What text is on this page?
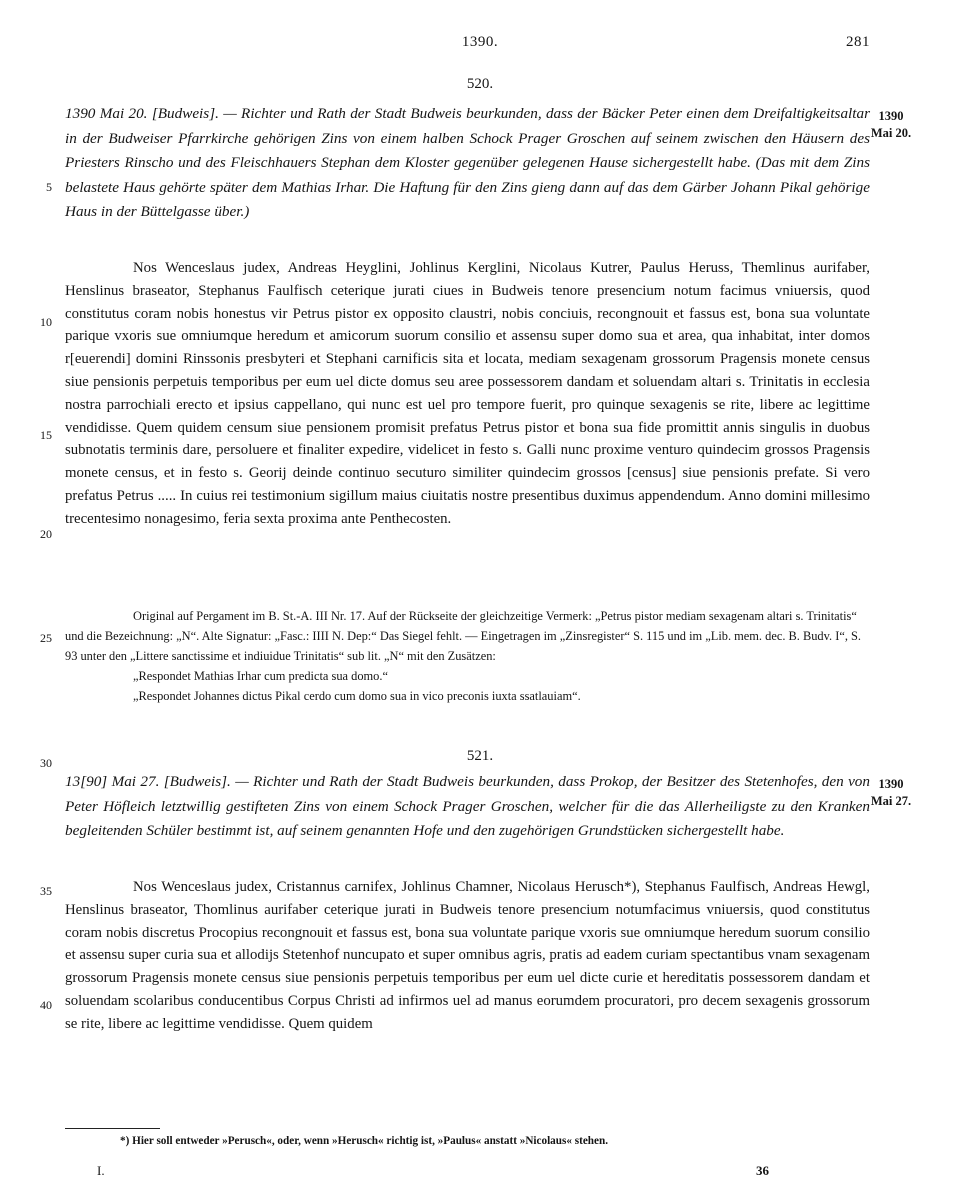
1390.	281
520.
1390
Mai 20.
1390 Mai 20. [Budweis]. — Richter und Rath der Stadt Budweis beurkunden, dass der Bäcker Peter einen dem Dreifaltigkeitsaltar in der Budweiser Pfarrkirche gehörigen Zins von einem halben Schock Prager Groschen auf seinem zwischen den Häusern des Priesters Rinscho und des Fleischhauers Stephan dem Kloster gegenüber gelegenen Hause sichergestellt habe. (Das mit dem Zins belastete Haus gehörte später dem Mathias Irhar. Die Haftung für den Zins gieng dann auf das dem Gärber Johann Pikal gehörige Haus in der Büttelgasse über.)

Nos Wenceslaus judex, Andreas Heyglini, Johlinus Kerglini, Nicolaus Kutrer, Paulus Heruss, Themlinus aurifaber, Henslinus braseator, Stephanus Faulfisch ceterique jurati ciues in Budweis tenore presencium notum facimus vniuersis, quod constitutus coram nobis honestus vir Petrus pistor ex opposito claustri, nobis conciuis, recongnouit et fassus est, bona sua voluntate parique vxoris sue omniumque heredum et amicorum suorum consilio et assensu super domo sua et area, qua inhabitat, inter domos r[euerendi] domini Rinssonis presbyteri et Stephani carnificis sita et locata, mediam sexagenam grossorum Pragensis monete census siue pensionis perpetuis temporibus per eum uel dicte domus seu aree possessorem dandam et soluendam altari s. Trinitatis in ecclesia nostra parrochiali erecto et ipsius cappellano, qui nunc est uel pro tempore fuerit, pro quinque sexagenis se rite, libere ac legittime vendidisse. Quem quidem censum siue pensionem promisit prefatus Petrus pistor et bona sua fide promittit annis singulis in duobus subnotatis terminis dare, persoluere et finaliter expedire, videlicet in festo s. Galli nunc proxime venturo quindecim grossos Pragensis monete census, et in festo s. Georij deinde continuo secuturo similiter quindecim grossos [census] siue pensionis prefate. Si vero prefatus Petrus ..... In cuius rei testimonium sigillum maius ciuitatis nostre presentibus duximus appendendum. Anno domini millesimo trecentesimo nonagesimo, feria sexta proxima ante Penthecosten.

Original auf Pergament im B. St.-A. III Nr. 17. Auf der Rückseite der gleichzeitige Vermerk: „Petrus pistor mediam sexagenam altari s. Trinitatis“ und die Bezeichnung: „N“. Alte Signatur: „Fasc.: IIII N. Dep:“ Das Siegel fehlt. — Eingetragen im „Zinsregister“ S. 115 und im „Lib. mem. dec. B. Budv. I“, S. 93 unter den „Littere sanctissime et indiuidue Trinitatis“ sub lit. „N“ mit den Zusätzen:

„Respondet Mathias Irhar cum predicta sua domo.“

„Respondet Johannes dictus Pikal cerdo cum domo sua in vico preconis iuxta ssatlauiam“.

521.
1390
Mai 27.
13[90] Mai 27. [Budweis]. — Richter und Rath der Stadt Budweis beurkunden, dass Prokop, der Besitzer des Stetenhofes, den von Peter Höfleich letztwillig gestifteten Zins von einem Schock Prager Groschen, welcher für die das Allerheiligste zu den Kranken begleitenden Schüler bestimmt ist, auf seinem genannten Hofe und den zugehörigen Grundstücken sichergestellt habe.

Nos Wenceslaus judex, Cristannus carnifex, Johlinus Chamner, Nicolaus Herusch*), Stephanus Faulfisch, Andreas Hewgl, Henslinus braseator, Thomlinus aurifaber ceterique jurati in Budweis tenore presencium notumfacimus vniuersis, quod constitutus coram nobis discretus Procopius recongnouit et fassus est, bona sua voluntate parique vxoris sue omniumque heredum suorum consilio et assensu super curia sua et allodijs Stetenhof nuncupato et super omnibus agris, pratis ad eadem curiam spectantibus vnam sexagenam grossorum Pragensis monete census siue pensionis perpetuis temporibus per eum uel dicte curie et hereditatis possessorem dandam et soluendam scolaribus conducentibus Corpus Christi ad infirmos uel ad manus eorumdem procuratori, pro decem sexagenis grossorum se rite, libere ac legittime vendidisse. Quem quidem

5
10
15
20
25
30
35
40
*) Hier soll entweder »Perusch«, oder, wenn »Herusch« richtig ist, »Paulus« anstatt »Nicolaus« stehen.
I.	36
